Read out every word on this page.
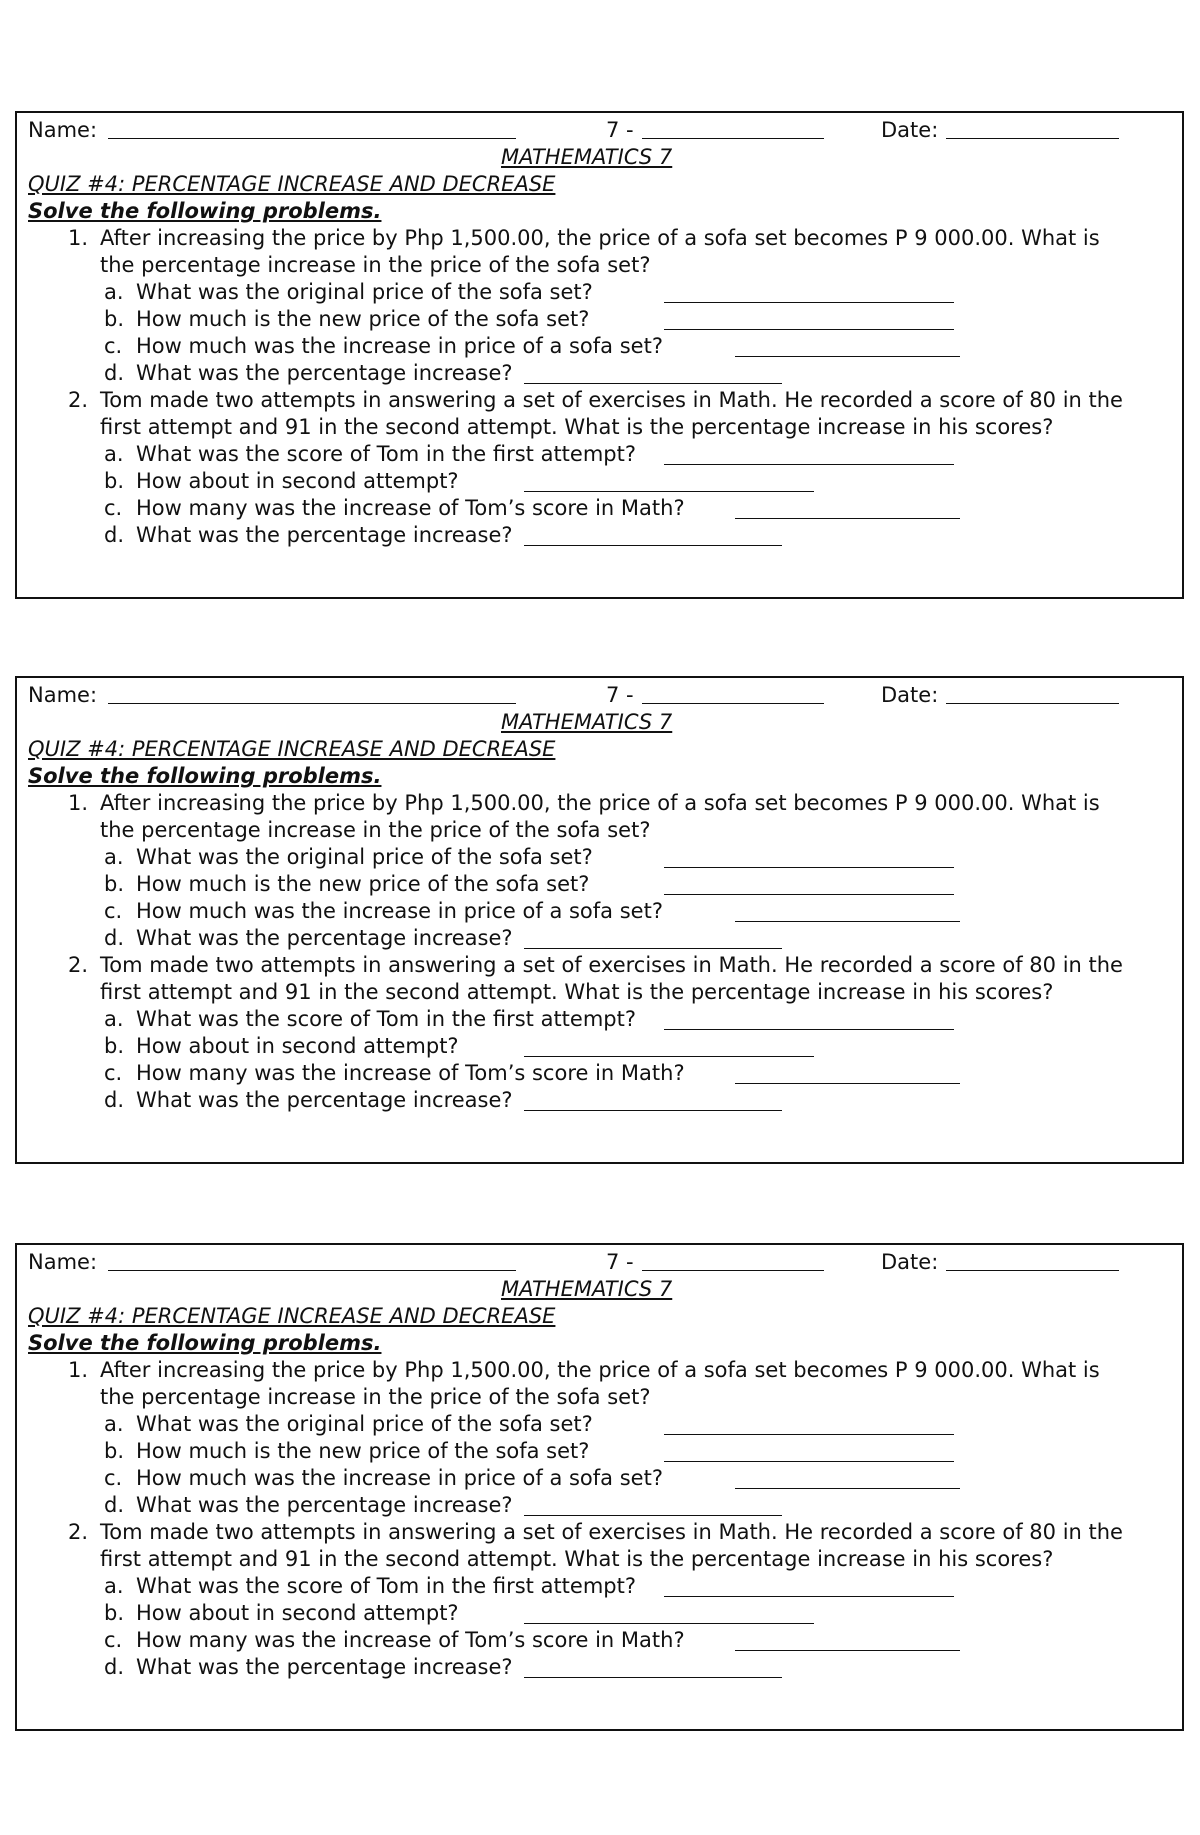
Name:	7 -	Date:
MATHEMATICS 7
QUIZ #4: PERCENTAGE INCREASE AND DECREASE
Solve the following problems.
1. After increasing the price by Php 1,500.00, the price of a sofa set becomes P 9 000.00. What is
the percentage increase in the price of the sofa set?
a. What was the original price of the sofa set?
b. How much is the new price of the sofa set?
c. How much was the increase in price of a sofa set?
d. What was the percentage increase?
2. Tom made two attempts in answering a set of exercises in Math. He recorded a score of 80 in the
first attempt and 91 in the second attempt. What is the percentage increase in his scores?
a. What was the score of Tom in the first attempt?
b. How about in second attempt?
c. How many was the increase of Tom’s score in Math?
d. What was the percentage increase?
Name:	7 -	Date:
MATHEMATICS 7
QUIZ #4: PERCENTAGE INCREASE AND DECREASE
Solve the following problems.
1. After increasing the price by Php 1,500.00, the price of a sofa set becomes P 9 000.00. What is
the percentage increase in the price of the sofa set?
a. What was the original price of the sofa set?
b. How much is the new price of the sofa set?
c. How much was the increase in price of a sofa set?
d. What was the percentage increase?
2. Tom made two attempts in answering a set of exercises in Math. He recorded a score of 80 in the
first attempt and 91 in the second attempt. What is the percentage increase in his scores?
a. What was the score of Tom in the first attempt?
b. How about in second attempt?
c. How many was the increase of Tom’s score in Math?
d. What was the percentage increase?
Name:	7 -	Date:
MATHEMATICS 7
QUIZ #4: PERCENTAGE INCREASE AND DECREASE
Solve the following problems.
1. After increasing the price by Php 1,500.00, the price of a sofa set becomes P 9 000.00. What is
the percentage increase in the price of the sofa set?
a. What was the original price of the sofa set?
b. How much is the new price of the sofa set?
c. How much was the increase in price of a sofa set?
d. What was the percentage increase?
2. Tom made two attempts in answering a set of exercises in Math. He recorded a score of 80 in the
first attempt and 91 in the second attempt. What is the percentage increase in his scores?
a. What was the score of Tom in the first attempt?
b. How about in second attempt?
c. How many was the increase of Tom’s score in Math?
d. What was the percentage increase?
